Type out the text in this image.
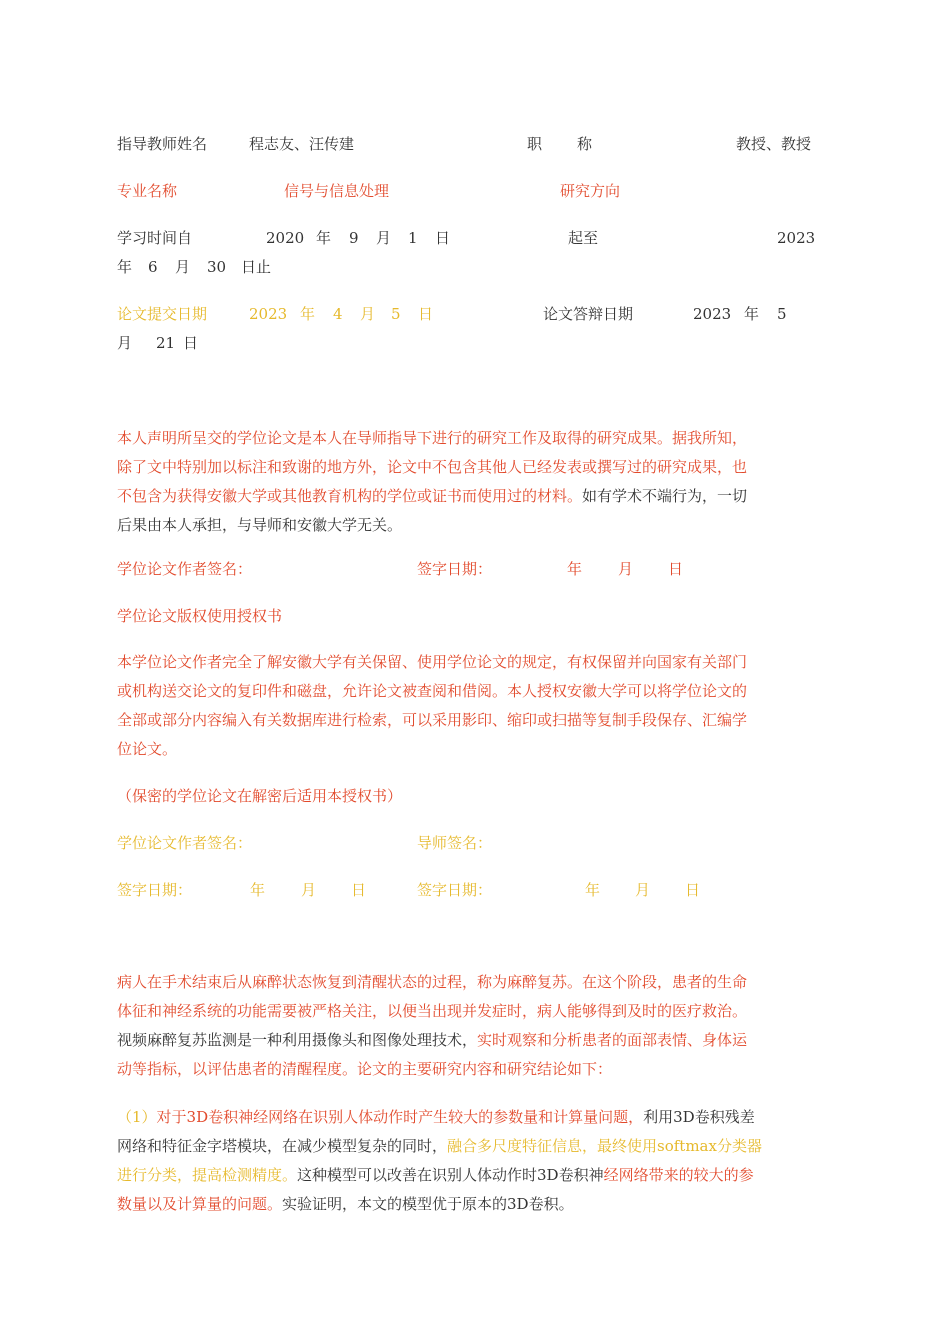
指导教师姓名	程志友、汪传建	职 称	教授、教授
专业名称	信号与信息处理	研究方向
学习时间自	2020 年 9 月 1 日	起至	2023
年 6 月 30 日止
论文提交日期	2023 年 4 月 5 日	论文答辩日期	2023 年 5
月 21 日
本人声明所呈交的学位论文是本人在导师指导下进行的研究工作及取得的研究成果。据我所知，
除了文中特别加以标注和致谢的地方外，论文中不包含其他人已经发表或撰写过的研究成果，也
不包含为获得安徽大学或其他教育机构的学位或证书而使用过的材料。如有学术不端行为，一切
后果由本人承担，与导师和安徽大学无关。
学位论文作者签名：	签字日期：	年 月 日
学位论文版权使用授权书
本学位论文作者完全了解安徽大学有关保留、使用学位论文的规定，有权保留并向国家有关部门
或机构送交论文的复印件和磁盘，允许论文被查阅和借阅。本人授权安徽大学可以将学位论文的
全部或部分内容编入有关数据库进行检索，可以采用影印、缩印或扫描等复制手段保存、汇编学
位论文。
（保密的学位论文在解密后适用本授权书）
学位论文作者签名：	导师签名：
签字日期：	年 月 日	签字日期：	年 月 日
病人在手术结束后从麻醉状态恢复到清醒状态的过程，称为麻醉复苏。在这个阶段，患者的生命
体征和神经系统的功能需要被严格关注，以便当出现并发症时，病人能够得到及时的医疗救治。
视频麻醉复苏监测是一种利用摄像头和图像处理技术，实时观察和分析患者的面部表情、身体运
动等指标，以评估患者的清醒程度。论文的主要研究内容和研究结论如下：
（1）对于3D卷积神经网络在识别人体动作时产生较大的参数量和计算量问题，利用3D卷积残差
网络和特征金字塔模块，在减少模型复杂的同时，融合多尺度特征信息，最终使用softmax分类器
进行分类，提高检测精度。这种模型可以改善在识别人体动作时3D卷积神经网络带来的较大的参
数量以及计算量的问题。实验证明，本文的模型优于原本的3D卷积。
